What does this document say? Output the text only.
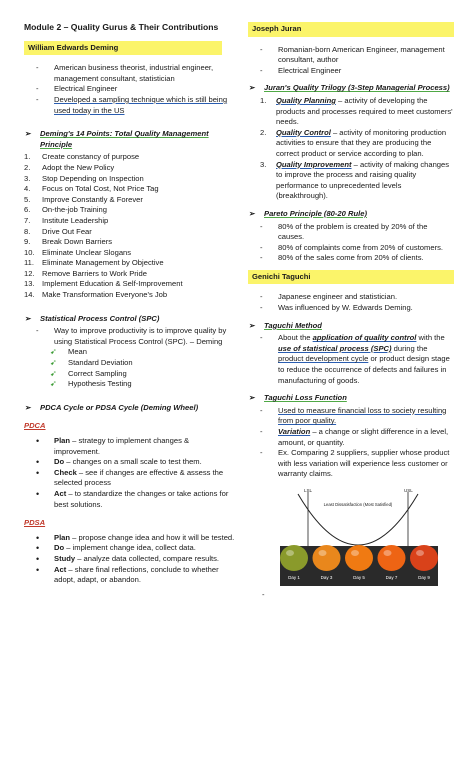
Module 2 – Quality Gurus & Their Contributions
William Edwards Deming
- American business theorist, industrial engineer, management consultant, statistician
- Electrical Engineer
- Developed a sampling technique which is still being used today in the US
➢ Deming's 14 Points: Total Quality Management Principle
1. Create constancy of purpose
2. Adopt the New Policy
3. Stop Depending on Inspection
4. Focus on Total Cost, Not Price Tag
5. Improve Constantly & Forever
6. On-the-job Training
7. Institute Leadership
8. Drive Out Fear
9. Break Down Barriers
10. Eliminate Unclear Slogans
11. Eliminate Management by Objective
12. Remove Barriers to Work Pride
13. Implement Education & Self-Improvement
14. Make Transformation Everyone's Job
➢ Statistical Process Control (SPC)
- Way to improve productivity is to improve quality by using Statistical Process Control (SPC). – Deming
➹ Mean
➹ Standard Deviation
➹ Correct Sampling
➹ Hypothesis Testing
➢ PDCA Cycle or PDSA Cycle (Deming Wheel)
PDCA
• Plan – strategy to implement changes & improvement.
• Do – changes on a small scale to test them.
• Check – see if changes are effective & assess the selected process
• Act – to standardize the changes or take actions for best solutions.
PDSA
• Plan – propose change idea and how it will be tested.
• Do – implement change idea, collect data.
• Study – analyze data collected, compare results.
• Act – share final reflections, conclude to whether adopt, adapt, or abandon.
Joseph Juran
- Romanian-born American Engineer, management consultant, author
- Electrical Engineer
➢ Juran's Quality Trilogy (3-Step Managerial Process)
1. Quality Planning – activity of developing the products and processes required to meet customers' needs.
2. Quality Control – activity of monitoring production activities to ensure that they are producing the correct product or service according to plan.
3. Quality Improvement – activity of making changes to improve the process and raising quality performance to unprecedented levels (breakthrough).
➢ Pareto Principle (80-20 Rule)
- 80% of the problem is created by 20% of the causes.
- 80% of complaints come from 20% of customers.
- 80% of the sales come from 20% of clients.
Genichi Taguchi
- Japanese engineer and statistician.
- Was influenced by W. Edwards Deming.
➢ Taguchi Method
- About the application of quality control with the use of statistical process (SPC) during the product development cycle or product design stage to reduce the occurrence of defects and failures in manufacturing of goods.
➢ Taguchi Loss Function
- Used to measure financial loss to society resulting from poor quality.
- Variation – a change or slight difference in a level, amount, or quantity.
- Ex. Comparing 2 suppliers, supplier whose product with less variation will experience less customer or warranty claims.
LSL	USL
Least Dissatisfaction (Most Satisfied)
Day 1	Day 3	Day 5	Day 7	Day 9
-
